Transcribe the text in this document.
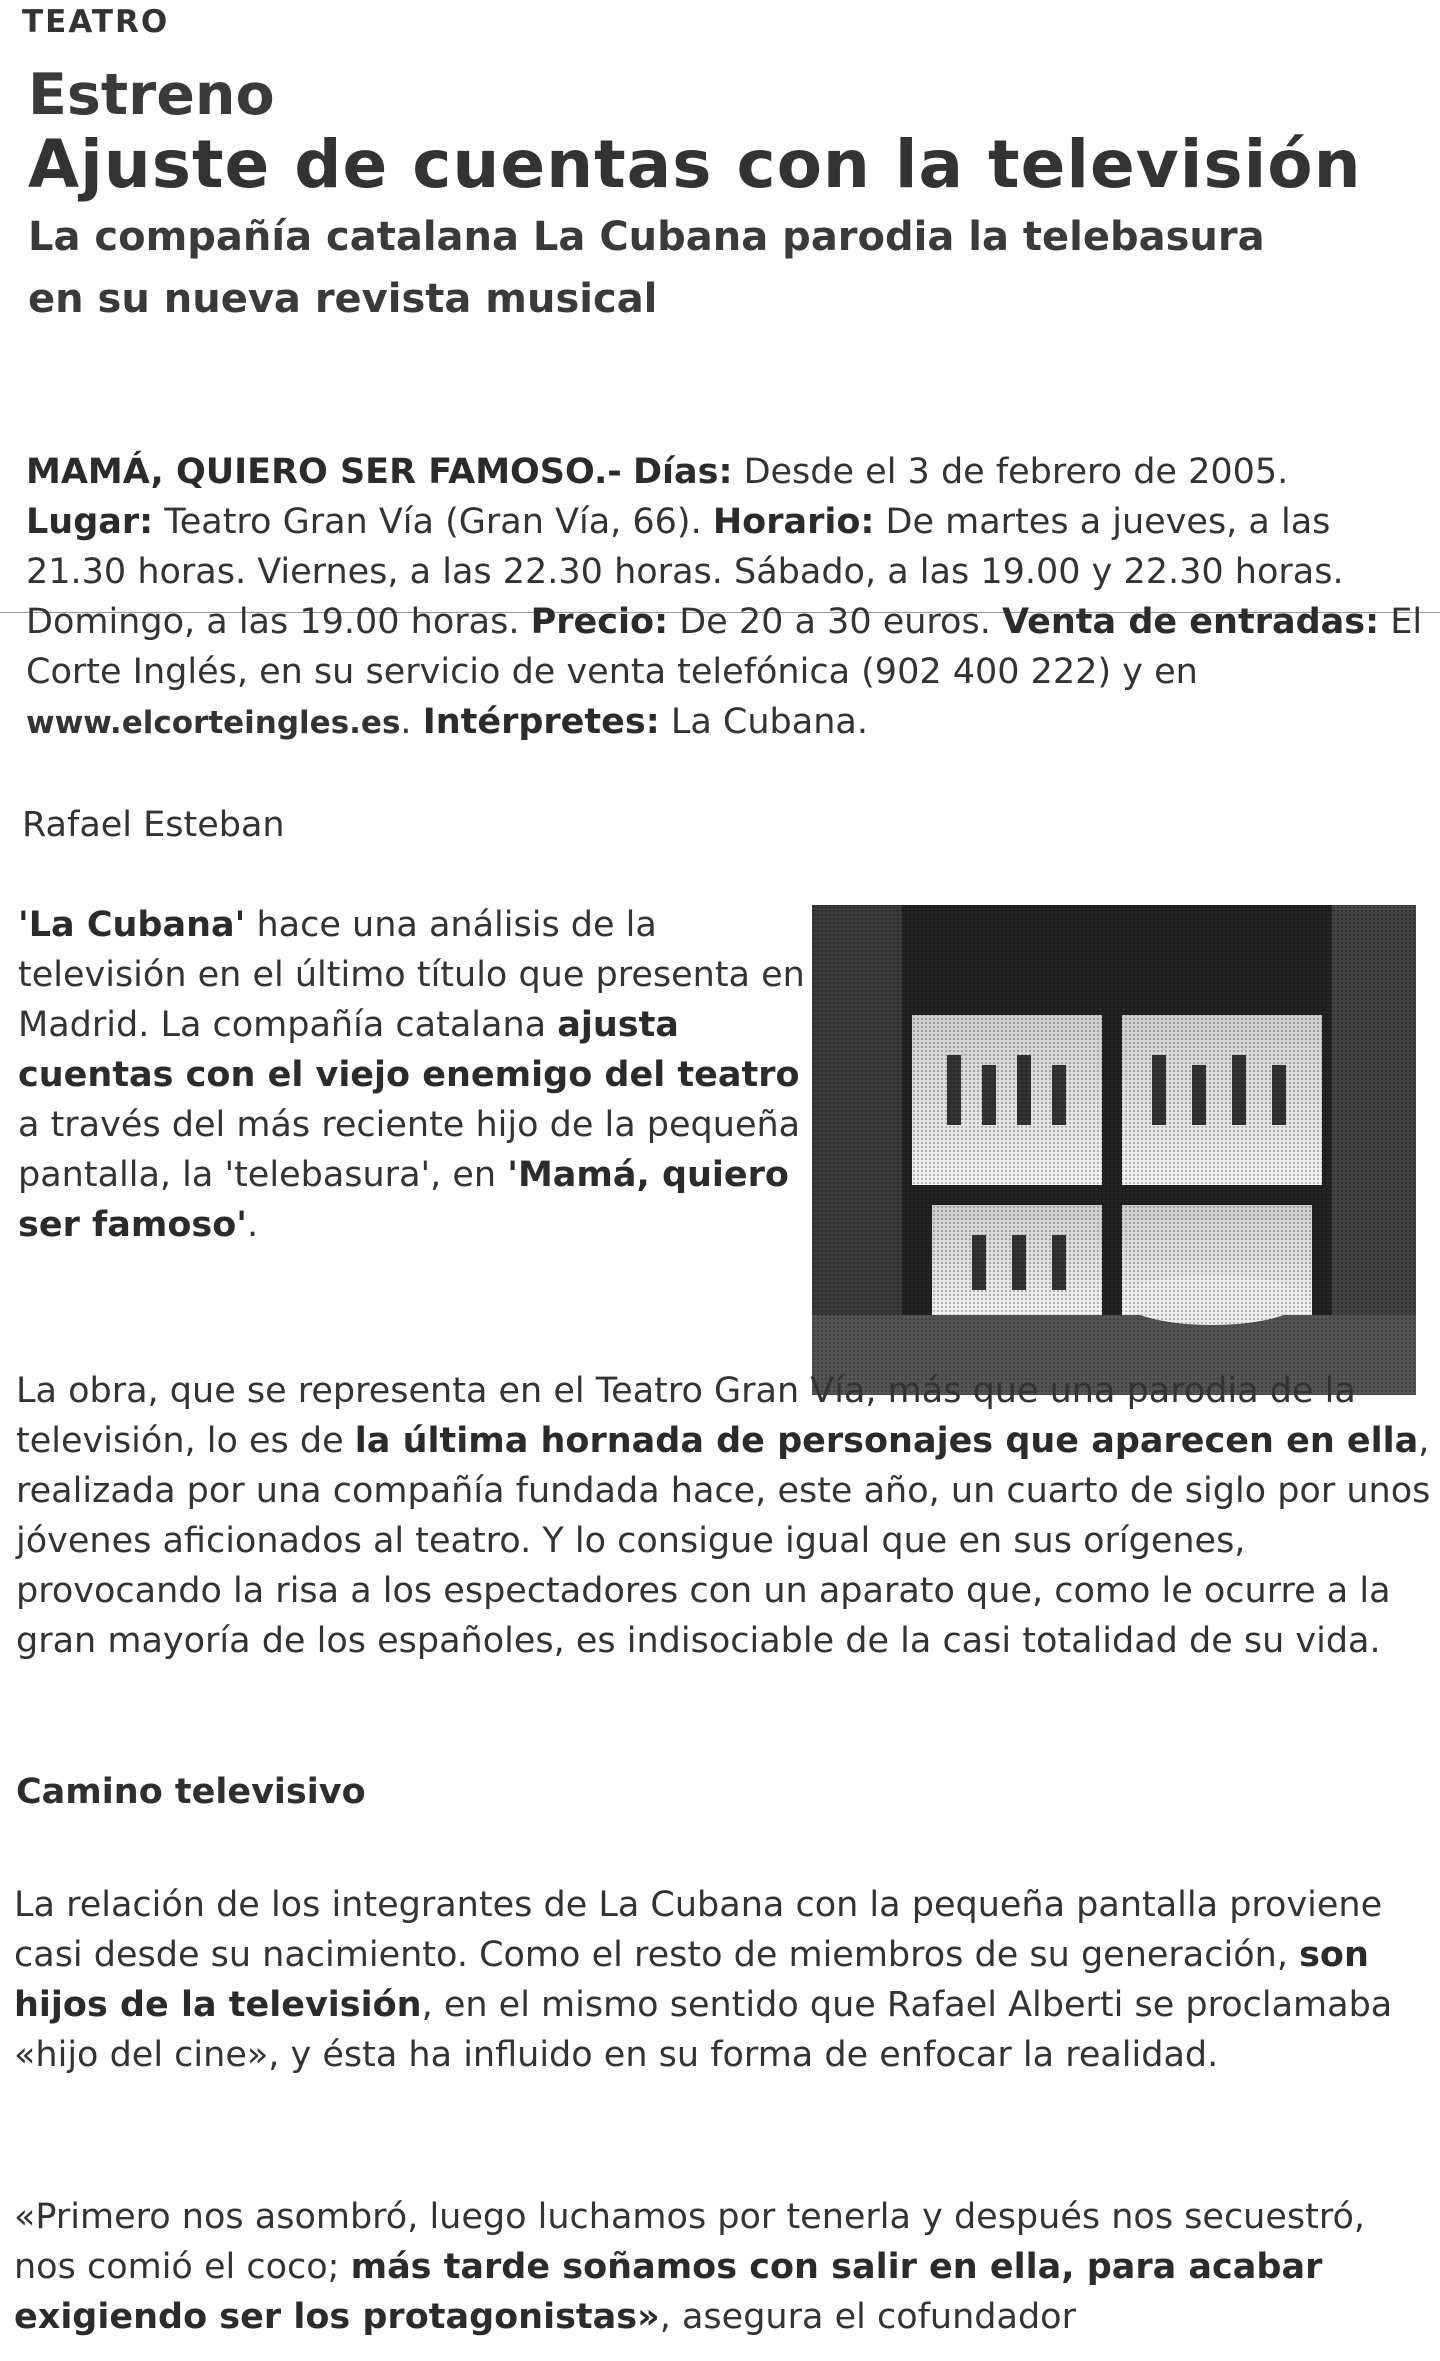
TEATRO
Estreno
Ajuste de cuentas con la televisión
La compañía catalana La Cubana parodia la telebasura
en su nueva revista musical
MAMÁ, QUIERO SER FAMOSO.- Días: Desde el 3 de febrero de 2005. Lugar: Teatro Gran Vía (Gran Vía, 66). Horario: De martes a jueves, a las 21.30 horas. Viernes, a las 22.30 horas. Sábado, a las 19.00 y 22.30 horas. Domingo, a las 19.00 horas. Precio: De 20 a 30 euros. Venta de entradas: El Corte Inglés, en su servicio de venta telefónica (902 400 222) y en www.elcorteingles.es. Intérpretes: La Cubana.
Rafael Esteban
'La Cubana' hace una análisis de la televisión en el último título que presenta en Madrid. La compañía catalana ajusta cuentas con el viejo enemigo del teatro a través del más reciente hijo de la pequeña pantalla, la 'telebasura', en 'Mamá, quiero ser famoso'.
La obra, que se representa en el Teatro Gran Vía, más que una parodia de la televisión, lo es de la última hornada de personajes que aparecen en ella, realizada por una compañía fundada hace, este año, un cuarto de siglo por unos jóvenes aficionados al teatro. Y lo consigue igual que en sus orígenes, provocando la risa a los espectadores con un aparato que, como le ocurre a la gran mayoría de los españoles, es indisociable de la casi totalidad de su vida.
Camino televisivo
La relación de los integrantes de La Cubana con la pequeña pantalla proviene casi desde su nacimiento. Como el resto de miembros de su generación, son hijos de la televisión, en el mismo sentido que Rafael Alberti se proclamaba «hijo del cine», y ésta ha influido en su forma de enfocar la realidad.
«Primero nos asombró, luego luchamos por tenerla y después nos secuestró, nos comió el coco; más tarde soñamos con salir en ella, para acabar exigiendo ser los protagonistas», asegura el cofundador
